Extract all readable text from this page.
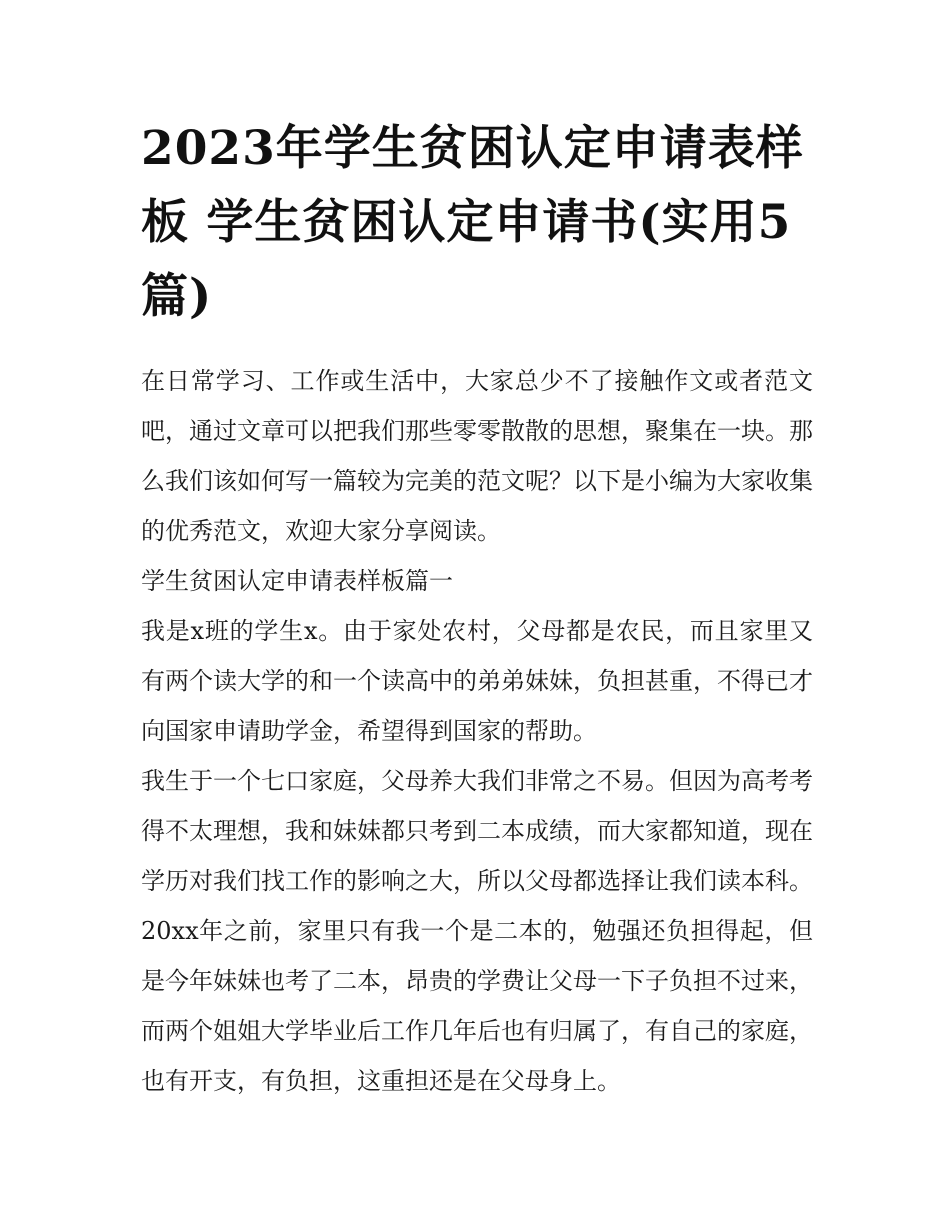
2023年学生贫困认定申请表样板 学生贫困认定申请书(实用5篇)

在日常学习、工作或生活中，大家总少不了接触作文或者范文吧，通过文章可以把我们那些零零散散的思想，聚集在一块。那么我们该如何写一篇较为完美的范文呢？以下是小编为大家收集的优秀范文，欢迎大家分享阅读。

学生贫困认定申请表样板篇一

我是x班的学生x。由于家处农村，父母都是农民，而且家里又有两个读大学的和一个读高中的弟弟妹妹，负担甚重，不得已才向国家申请助学金，希望得到国家的帮助。

我生于一个七口家庭，父母养大我们非常之不易。但因为高考考得不太理想，我和妹妹都只考到二本成绩，而大家都知道，现在学历对我们找工作的影响之大，所以父母都选择让我们读本科。20xx年之前，家里只有我一个是二本的，勉强还负担得起，但是今年妹妹也考了二本，昂贵的学费让父母一下子负担不过来，而两个姐姐大学毕业后工作几年后也有归属了，有自己的家庭，也有开支，有负担，这重担还是在父母身上。
